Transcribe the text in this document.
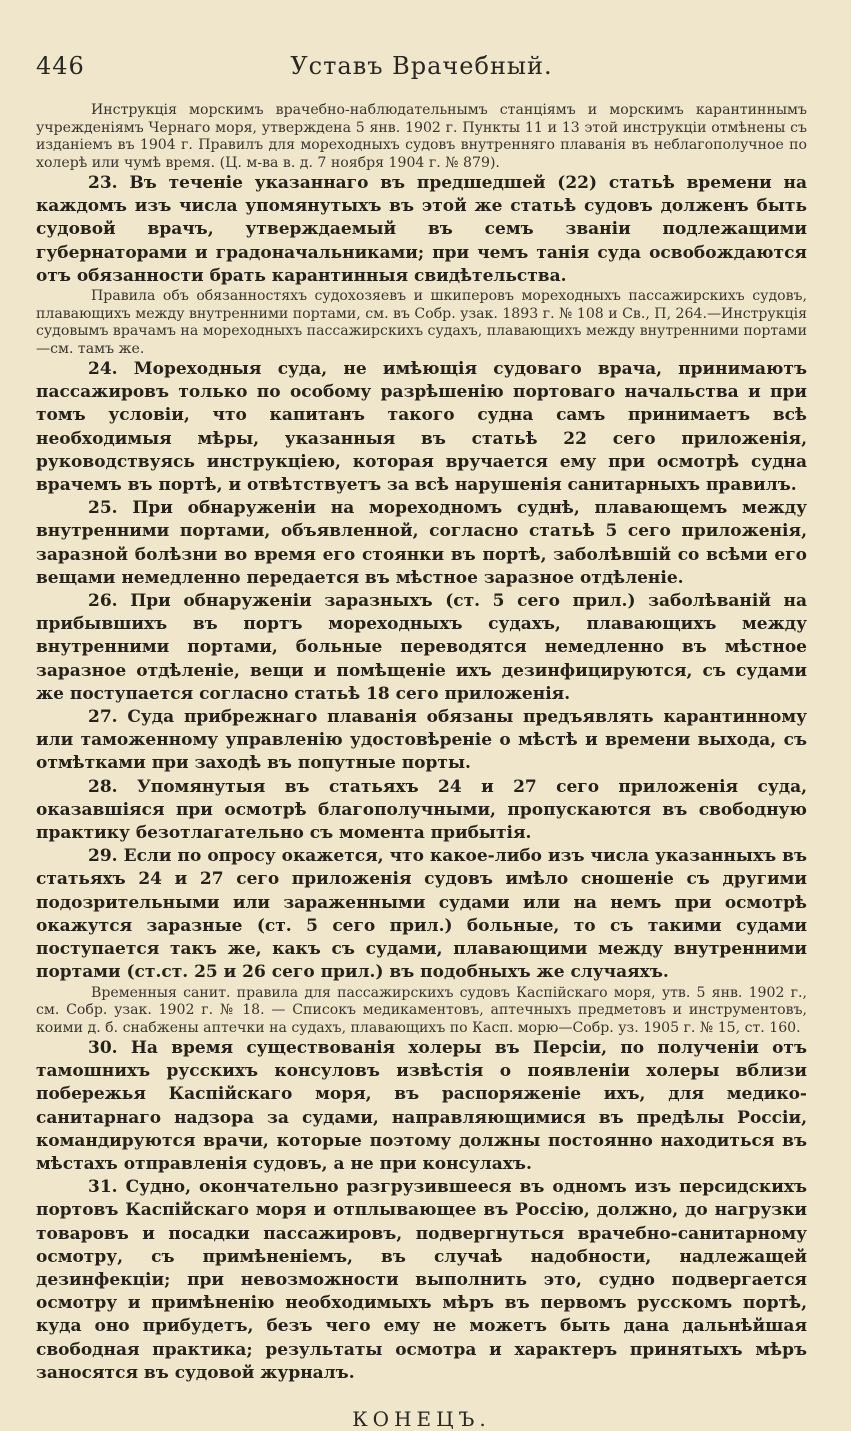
446	Уставъ Врачебный.

Инструкція морскимъ врачебно-наблюдательнымъ станціямъ и морскимъ карантиннымъ учрежденіямъ Чернаго моря, утверждена 5 янв. 1902 г. Пункты 11 и 13 этой инструкціи отмѣнены съ изданіемъ въ 1904 г. Правилъ для мореходныхъ судовъ внутренняго плаванія въ неблагополучное по холерѣ или чумѣ время. (Ц. м-ва в. д. 7 ноября 1904 г. № 879).

23. Въ теченіе указаннаго въ предшедшей (22) статьѣ времени на каждомъ изъ числа упомянутыхъ въ этой же статьѣ судовъ долженъ быть судовой врачъ, утверждаемый въ семъ званіи подлежащими губернаторами и градоначальниками; при чемъ танія суда освобождаются отъ обязанности брать карантинныя свидѣтельства.

Правила объ обязанностяхъ судохозяевъ и шкиперовъ мореходныхъ пассажирскихъ судовъ, плавающихъ между внутренними портами, см. въ Собр. узак. 1893 г. № 108 и Св., П, 264.—Инструкція судовымъ врачамъ на мореходныхъ пассажирскихъ судахъ, плавающихъ между внутренними портами—см. тамъ же.

24. Мореходныя суда, не имѣющія судоваго врача, принимаютъ пассажировъ только по особому разрѣшенію портоваго начальства и при томъ условіи, что капитанъ такого судна самъ принимаетъ всѣ необходимыя мѣры, указанныя въ статьѣ 22 сего приложенія, руководствуясь инструкціею, которая вручается ему при осмотрѣ судна врачемъ въ портѣ, и отвѣтствуетъ за всѣ нарушенія санитарныхъ правилъ.

25. При обнаруженіи на мореходномъ суднѣ, плавающемъ между внутренними портами, объявленной, согласно статьѣ 5 сего приложенія, заразной болѣзни во время его стоянки въ портѣ, заболѣвшій со всѣми его вещами немедленно передается въ мѣстное заразное отдѣленіе.

26. При обнаруженіи заразныхъ (ст. 5 сего прил.) заболѣваній на прибывшихъ въ портъ мореходныхъ судахъ, плавающихъ между внутренними портами, больные переводятся немедленно въ мѣстное заразное отдѣленіе, вещи и помѣщеніе ихъ дезинфицируются, съ судами же поступается согласно статьѣ 18 сего приложенія.

27. Суда прибрежнаго плаванія обязаны предъявлять карантинному или таможенному управленію удостовѣреніе о мѣстѣ и времени выхода, съ отмѣтками при заходѣ въ попутные порты.

28. Упомянутыя въ статьяхъ 24 и 27 сего приложенія суда, оказавшіяся при осмотрѣ благополучными, пропускаются въ свободную практику безотлагательно съ момента прибытія.

29. Если по опросу окажется, что какое-либо изъ числа указанныхъ въ статьяхъ 24 и 27 сего приложенія судовъ имѣло сношеніе съ другими подозрительными или зараженными судами или на немъ при осмотрѣ окажутся заразные (ст. 5 сего прил.) больные, то съ такими судами поступается такъ же, какъ съ судами, плавающими между внутренними портами (ст.ст. 25 и 26 сего прил.) въ подобныхъ же случаяхъ.

Временныя санит. правила для пассажирскихъ судовъ Каспійскаго моря, утв. 5 янв. 1902 г., см. Собр. узак. 1902 г. № 18. — Списокъ медикаментовъ, аптечныхъ предметовъ и инструментовъ, коими д. б. снабжены аптечки на судахъ, плавающихъ по Касп. морю—Собр. уз. 1905 г. № 15, ст. 160.

30. На время существованія холеры въ Персіи, по полученіи отъ тамошнихъ русскихъ консуловъ извѣстія о появленіи холеры вблизи побережья Каспійскаго моря, въ распоряженіе ихъ, для медико-санитарнаго надзора за судами, направляющимися въ предѣлы Россіи, командируются врачи, которые поэтому должны постоянно находиться въ мѣстахъ отправленія судовъ, а не при консулахъ.

31. Судно, окончательно разгрузившееся въ одномъ изъ персидскихъ портовъ Каспійскаго моря и отплывающее въ Россію, должно, до нагрузки товаровъ и посадки пассажировъ, подвергнуться врачебно-санитарному осмотру, съ примѣненіемъ, въ случаѣ надобности, надлежащей дезинфекціи; при невозможности выполнить это, судно подвергается осмотру и примѣненію необходимыхъ мѣръ въ первомъ русскомъ портѣ, куда оно прибудетъ, безъ чего ему не можетъ быть дана дальнѣйшая свободная практика; результаты осмотра и характеръ принятыхъ мѣръ заносятся въ судовой журналъ.

КОНЕЦЪ.
